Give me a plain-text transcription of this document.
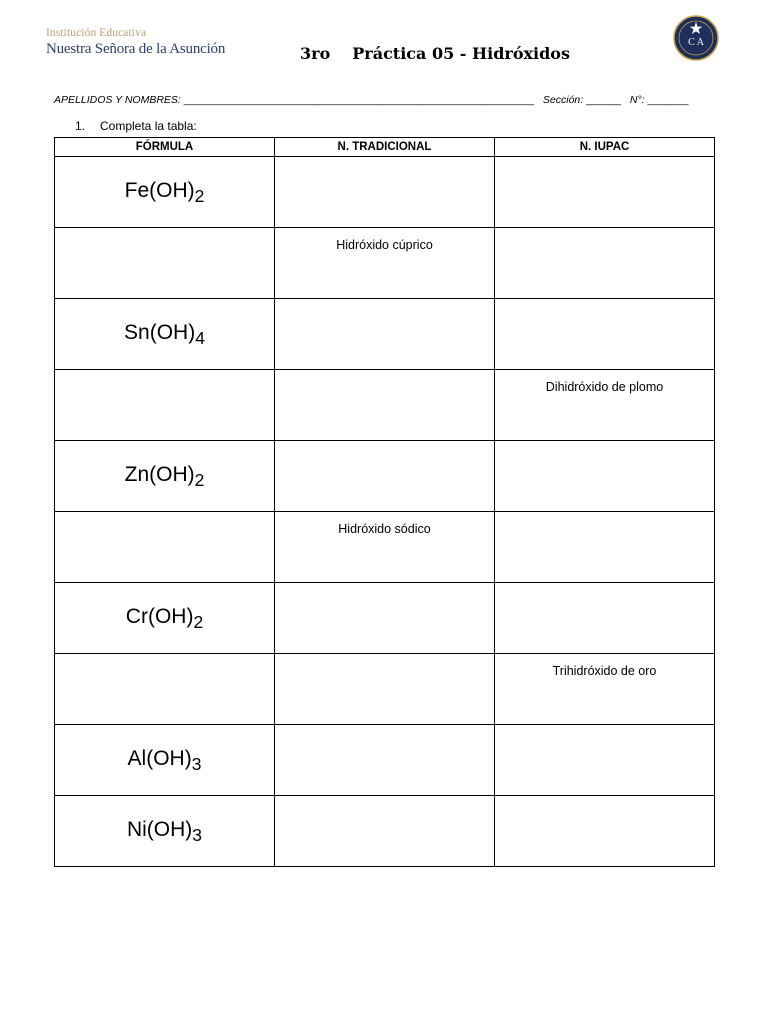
Institución Educativa
Nuestra Señora de la Asunción	3ro Práctica 05 - Hidróxidos
C A
APELLIDOS Y NOMBRES: ____________________________________________________________ Sección: ______ N°: _______
1. Completa la tabla:
FÓRMULA	N. TRADICIONAL	N. IUPAC

$Fe(OH)_2$

	Hidróxido cúprico	

$Sn(OH)_4$

		Dihidróxido de plomo

$Zn(OH)_2$

	Hidróxido sódico	

$Cr(OH)_2$

		Trihidróxido de oro

$Al(OH)_3$

$Ni(OH)_3$
